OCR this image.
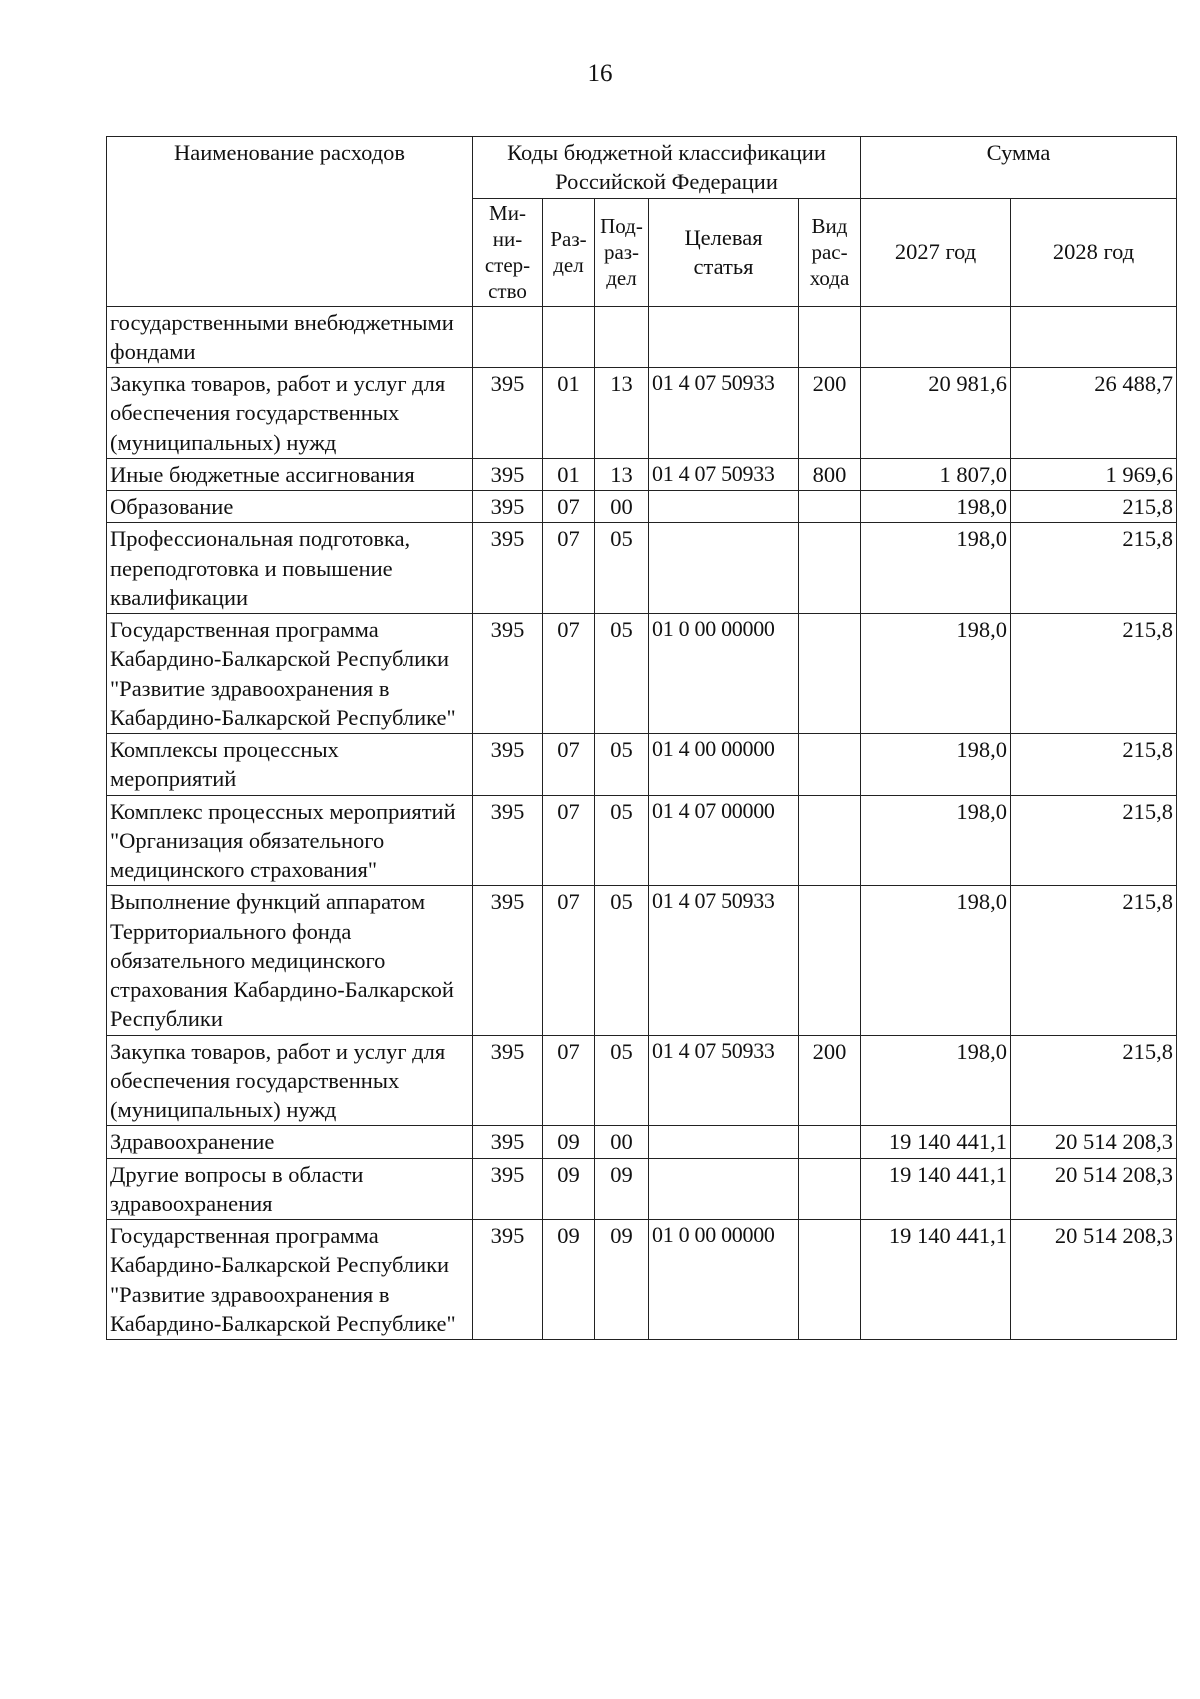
16
Наименование расходов	Коды бюджетной классификации Российской Федерации					Сумма	
	Ми-ни-стер-ство	Раз-дел	Под-раз-дел	Целевая статья	Вид рас-хода	2027 год	2028 год
государственными внебюджетными фондами							
Закупка товаров, работ и услуг для обеспечения государственных (муниципальных) нужд	395	01	13	01 4 07 50933	200	20 981,6	26 488,7
Иные бюджетные ассигнования	395	01	13	01 4 07 50933	800	1 807,0	1 969,6
Образование	395	07	00			198,0	215,8
Профессиональная подготовка, переподготовка и повышение квалификации	395	07	05			198,0	215,8
Государственная программа Кабардино-Балкарской Республики "Развитие здравоохранения в Кабардино-Балкарской Республике"	395	07	05	01 0 00 00000		198,0	215,8
Комплексы процессных мероприятий	395	07	05	01 4 00 00000		198,0	215,8
Комплекс процессных мероприятий "Организация обязательного медицинского страхования"	395	07	05	01 4 07 00000		198,0	215,8
Выполнение функций аппаратом Территориального фонда обязательного медицинского страхования Кабардино-Балкарской Республики	395	07	05	01 4 07 50933		198,0	215,8
Закупка товаров, работ и услуг для обеспечения государственных (муниципальных) нужд	395	07	05	01 4 07 50933	200	198,0	215,8
Здравоохранение	395	09	00			19 140 441,1	20 514 208,3
Другие вопросы в области здравоохранения	395	09	09			19 140 441,1	20 514 208,3
Государственная программа Кабардино-Балкарской Республики "Развитие здравоохранения в Кабардино-Балкарской Республике"	395	09	09	01 0 00 00000		19 140 441,1	20 514 208,3
